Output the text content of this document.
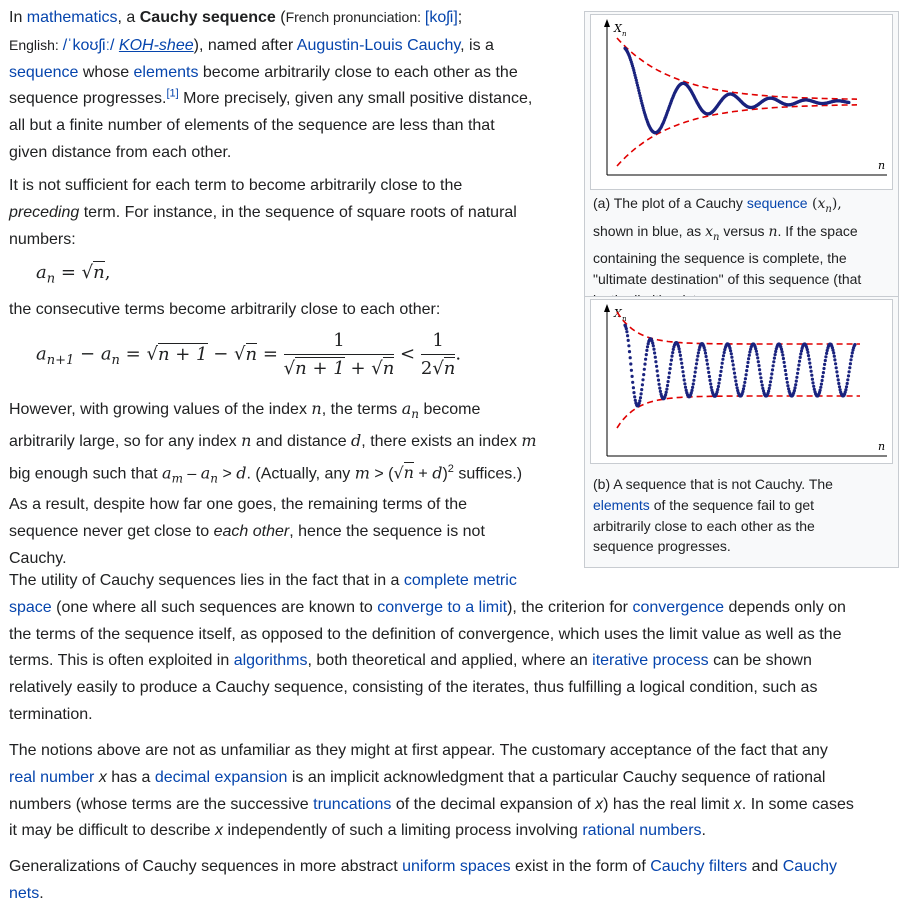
In mathematics, a Cauchy sequence (French pronunciation: [koʃi];
English: /ˈkoʊʃiː/ KOH-shee), named after Augustin-Louis Cauchy, is a
sequence whose elements become arbitrarily close to each other as the
sequence progresses.[1] More precisely, given any small positive distance,
all but a finite number of elements of the sequence are less than that
given distance from each other.
It is not sufficient for each term to become arbitrarily close to the
preceding term. For instance, in the sequence of square roots of natural
numbers:
$a_n = √n$,
the consecutive terms become arbitrarily close to each other:
$a_{n+1} - a_n = √n + 1 - √n = \frac{1}{√n + 1 + √n} < \frac{1}{2√n}$ .
However, with growing values of the index n, the terms $a_n$ become
arbitrarily large, so for any index n and distance d, there exists an index m
big enough such that $a_m - a_n > d$. (Actually, any $m > (√n + d)^2$ suffices.)
As a result, despite how far one goes, the remaining terms of the
sequence never get close to each other, hence the sequence is not
Cauchy.
The utility of Cauchy sequences lies in the fact that in a complete metric
space (one where all such sequences are known to converge to a limit), the criterion for convergence depends only on
the terms of the sequence itself, as opposed to the definition of convergence, which uses the limit value as well as the
terms. This is often exploited in algorithms, both theoretical and applied, where an iterative process can be shown
relatively easily to produce a Cauchy sequence, consisting of the iterates, thus fulfilling a logical condition, such as
termination.
The notions above are not as unfamiliar as they might at first appear. The customary acceptance of the fact that any
real number x has a decimal expansion is an implicit acknowledgment that a particular Cauchy sequence of rational
numbers (whose terms are the successive truncations of the decimal expansion of x) has the real limit x. In some cases
it may be difficult to describe x independently of such a limiting process involving rational numbers.
Generalizations of Cauchy sequences in more abstract uniform spaces exist in the form of Cauchy filters and Cauchy
nets.
X n
n
(a) The plot of a Cauchy sequence $(x_n)$,
shown in blue, as $x_n$ versus n. If the space
containing the sequence is complete, the
"ultimate destination" of this sequence (that
X n
n
(b) A sequence that is not Cauchy. The
elements of the sequence fail to get
arbitrarily close to each other as the
sequence progresses.
